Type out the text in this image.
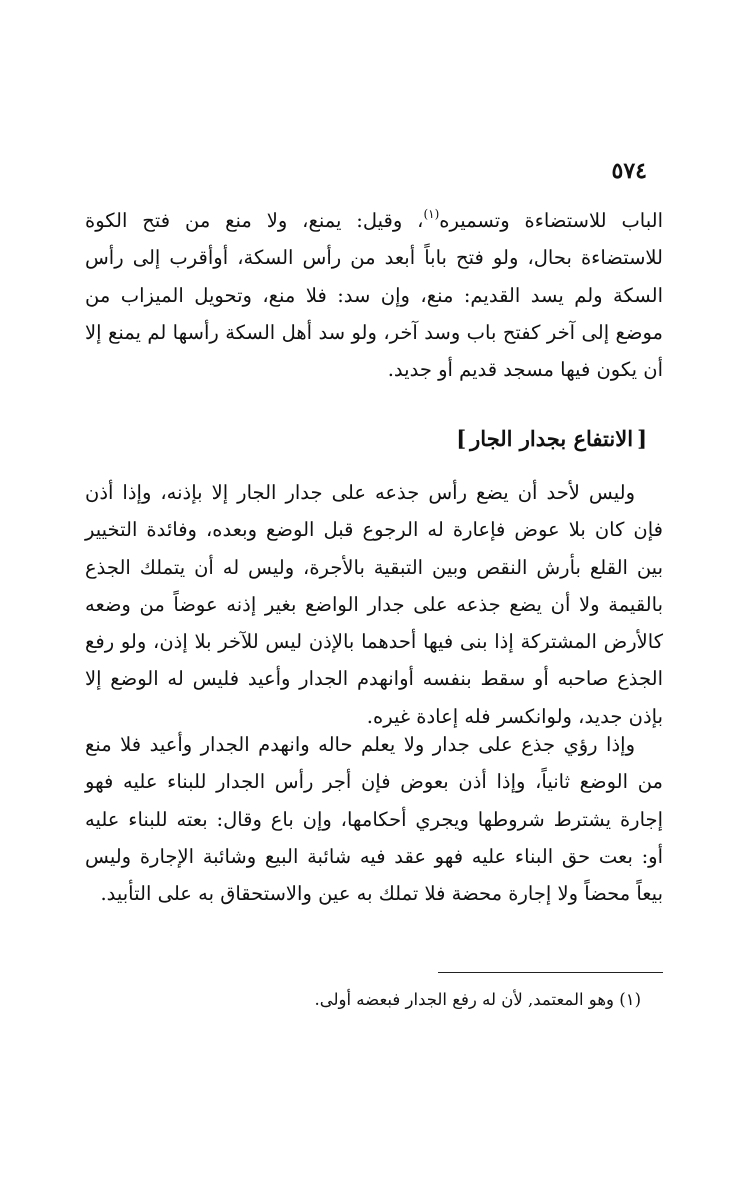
٥٧٤
الباب للاستضاءة وتسميره$^{(١)}$، وقيل: يمنع، ولا منع من فتح الكوة للاستضاءة بحال، ولو فتح باباً أبعد من رأس السكة، أوأقرب إلى رأس السكة ولم يسد القديم: منع، وإن سد: فلا منع، وتحويل الميزاب من موضع إلى آخر كفتح باب وسد آخر، ولو سد أهل السكة رأسها لم يمنع إلا أن يكون فيها مسجد قديم أو جديد.
[الانتفاع بجدار الجار]
وليس لأحد أن يضع رأس جذعه على جدار الجار إلا بإذنه، وإذا أذن فإن كان بلا عوض فإعارة له الرجوع قبل الوضع وبعده، وفائدة التخيير بين القلع بأرش النقص وبين التبقية بالأجرة، وليس له أن يتملك الجذع بالقيمة ولا أن يضع جذعه على جدار الواضع بغير إذنه عوضاً من وضعه كالأرض المشتركة إذا بنى فيها أحدهما بالإذن ليس للآخر بلا إذن، ولو رفع الجذع صاحبه أو سقط بنفسه أوانهدم الجدار وأعيد فليس له الوضع إلا بإذن جديد، ولوانكسر فله إعادة غيره.
وإذا رؤي جذع على جدار ولا يعلم حاله وانهدم الجدار وأعيد فلا منع من الوضع ثانياً، وإذا أذن بعوض فإن أجر رأس الجدار للبناء عليه فهو إجارة يشترط شروطها ويجري أحكامها، وإن باع وقال: بعته للبناء عليه أو: بعت حق البناء عليه فهو عقد فيه شائبة البيع وشائبة الإجارة وليس بيعاً محضاً ولا إجارة محضة فلا تملك به عين والاستحقاق به على التأبيد.
(١) وهو المعتمد, لأن له رفع الجدار فبعضه أولى.
